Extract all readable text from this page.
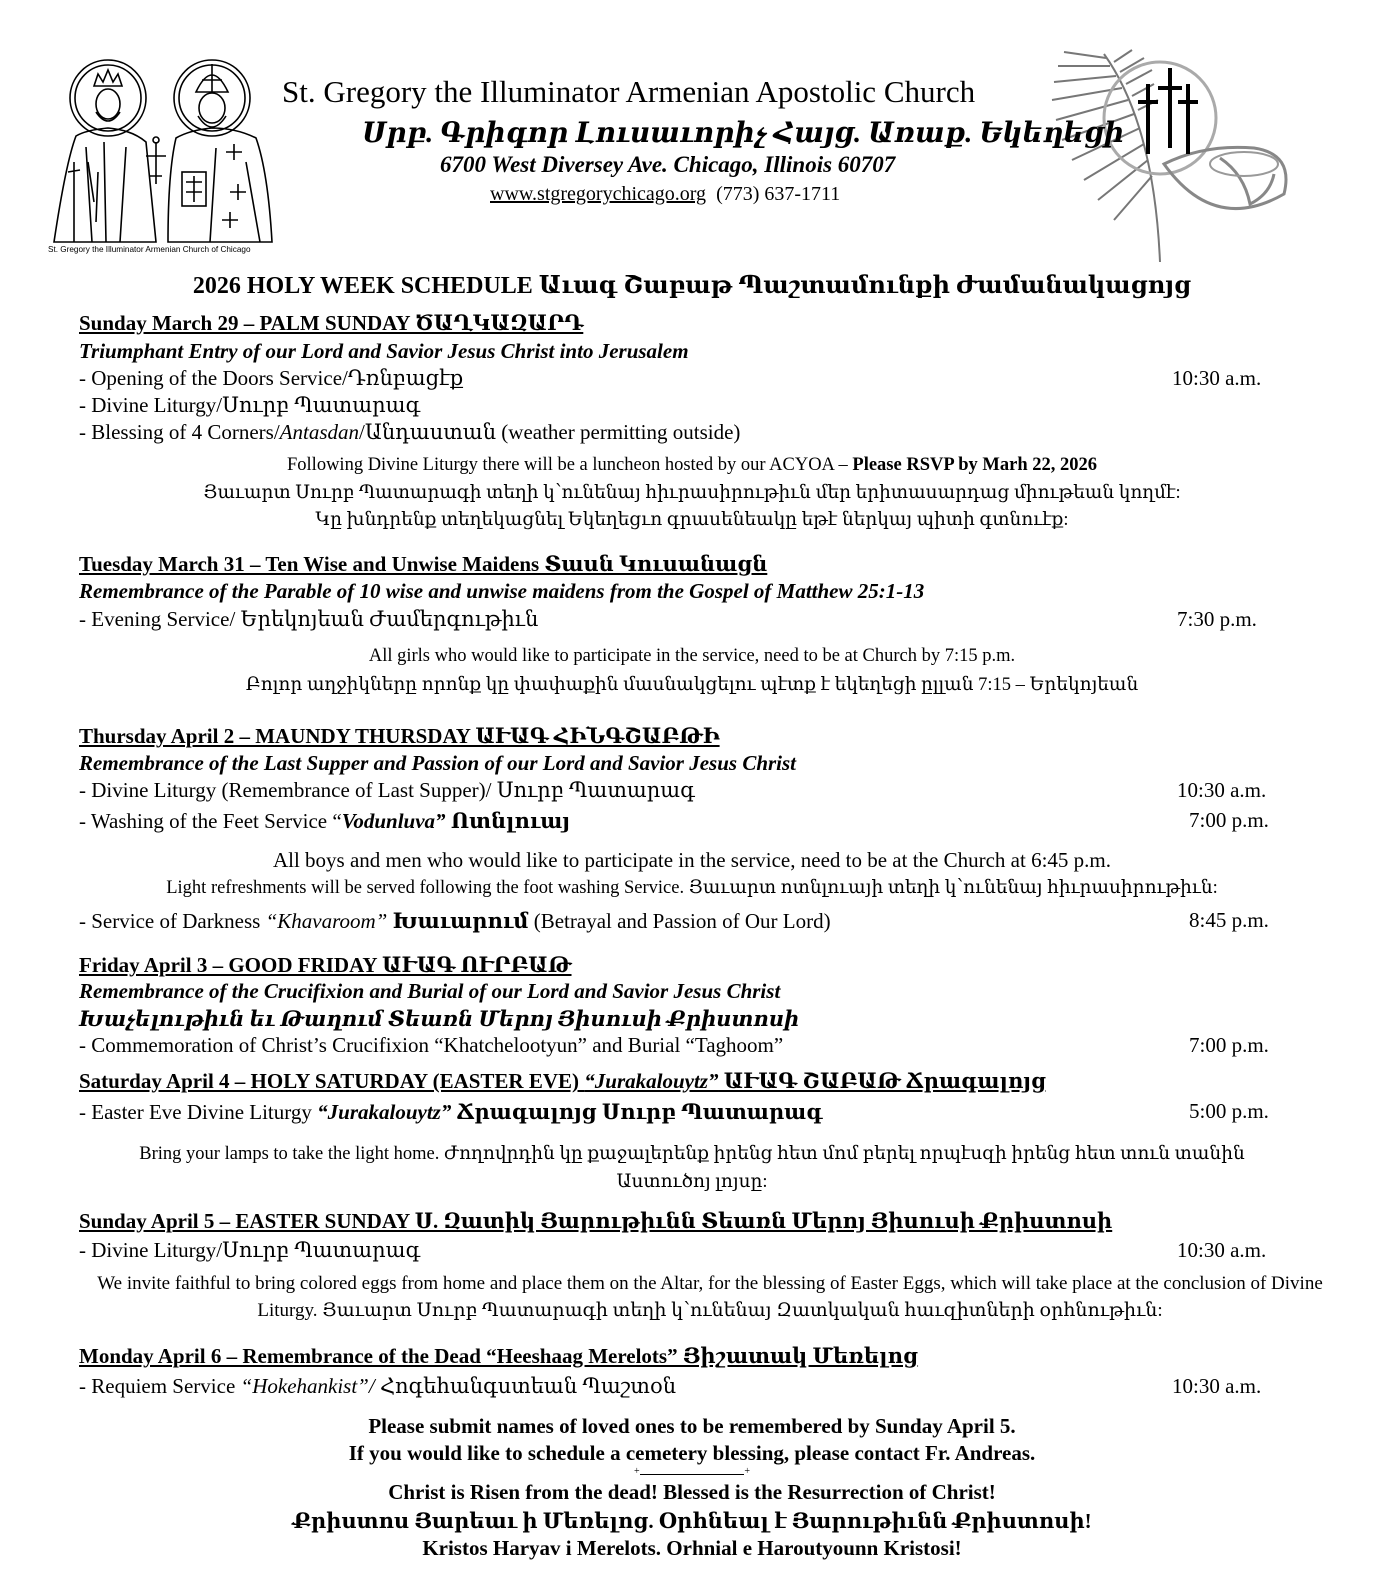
St. Gregory the Illuminator Armenian Church of Chicago
St. Gregory the Illuminator Armenian Apostolic Church
Սրբ. Գրիգոր Լուսաւորիչ Հայց. Առաք. Եկեղեցի
6700 West Diversey Ave. Chicago, Illinois 60707
www.stgregorychicago.org (773) 637-1711
2026 HOLY WEEK SCHEDULE Աւագ Շաբաթ Պաշտամունքի Ժամանակացոյց
Sunday March 29 – PALM SUNDAY ԾԱՂԿԱԶԱՐԴ
Triumphant Entry of our Lord and Savior Jesus Christ into Jerusalem
- Opening of the Doors Service/Դռնբացէք	10:30 a.m.
- Divine Liturgy/Սուրբ Պատարագ
- Blessing of 4 Corners/Antasdan/Անդաստան (weather permitting outside)
Following Divine Liturgy there will be a luncheon hosted by our ACYOA – Please RSVP by Marh 22, 2026
Յաւարտ Սուրբ Պատարագի տեղի կ՝ունենայ հիւրասիրութիւն մեր երիտասարդաց միութեան կողմէ:
Կը խնդրենք տեղեկացնել Եկեղեցւո գրասենեակը եթէ ներկայ պիտի գտնուէք:
Tuesday March 31 – Ten Wise and Unwise Maidens Տասն Կուսանացն
Remembrance of the Parable of 10 wise and unwise maidens from the Gospel of Matthew 25:1-13
- Evening Service/ Երեկոյեան Ժամերգութիւն	7:30 p.m.
All girls who would like to participate in the service, need to be at Church by 7:15 p.m.
Բոլոր աղջիկները որոնք կը փափաքին մասնակցելու պէտք է եկեղեցի ըլլան 7:15 – Երեկոյեան
Thursday April 2 – MAUNDY THURSDAY ԱՒԱԳ ՀԻՆԳՇԱԲԹԻ
Remembrance of the Last Supper and Passion of our Lord and Savior Jesus Christ
- Divine Liturgy (Remembrance of Last Supper)/ Սուրբ Պատարագ	10:30 a.m.
- Washing of the Feet Service “Vodunluva” Ոտնլուայ	7:00 p.m.
All boys and men who would like to participate in the service, need to be at the Church at 6:45 p.m.
Light refreshments will be served following the foot washing Service. Յաւարտ ոտնլուայի տեղի կ՝ունենայ հիւրասիրութիւն:
- Service of Darkness “Khavaroom” Խաւարում (Betrayal and Passion of Our Lord)	8:45 p.m.
Friday April 3 – GOOD FRIDAY ԱՒԱԳ ՈՒՐԲԱԹ
Remembrance of the Crucifixion and Burial of our Lord and Savior Jesus Christ
Խաչելութիւն եւ Թաղում Տեառն Մերոյ Յիսուսի Քրիստոսի
- Commemoration of Christ’s Crucifixion “Khatchelootyun” and Burial “Taghoom”	7:00 p.m.
Saturday April 4 – HOLY SATURDAY (EASTER EVE) “Jurakalouytz” ԱՒԱԳ ՇԱԲԱԹ Ճրագալոյց
- Easter Eve Divine Liturgy “Jurakalouytz” Ճրագալոյց Սուրբ Պատարագ	5:00 p.m.
Bring your lamps to take the light home. Ժողովրդին կը քաջալերենք իրենց հետ մոմ բերել որպէսզի իրենց հետ տուն տանին
Աստուծոյ լոյսը:
Sunday April 5 – EASTER SUNDAY Ս. Զատիկ Յարութիւնն Տեառն Մերոյ Յիսուսի Քրիստոսի
- Divine Liturgy/Սուրբ Պատարագ	10:30 a.m.
We invite faithful to bring colored eggs from home and place them on the Altar, for the blessing of Easter Eggs, which will take place at the conclusion of Divine Liturgy. Յաւարտ Սուրբ Պատարագի տեղի կ՝ունենայ Զատկական հաւզիտների օրհնութիւն:
Monday April 6 – Remembrance of the Dead “Heeshaag Merelots” Յիշատակ Մեռելոց
- Requiem Service “Hokehankist”/ Հոգեհանգստեան Պաշտօն	10:30 a.m.
Please submit names of loved ones to be remembered by Sunday April 5.
If you would like to schedule a cemetery blessing, please contact Fr. Andreas.
+ +
Christ is Risen from the dead! Blessed is the Resurrection of Christ!
Քրիստոս Յարեաւ ի Մեռելոց. Օրհնեալ է Յարութիւնն Քրիստոսի!
Kristos Haryav i Merelots. Orhnial e Haroutyounn Kristosi!
